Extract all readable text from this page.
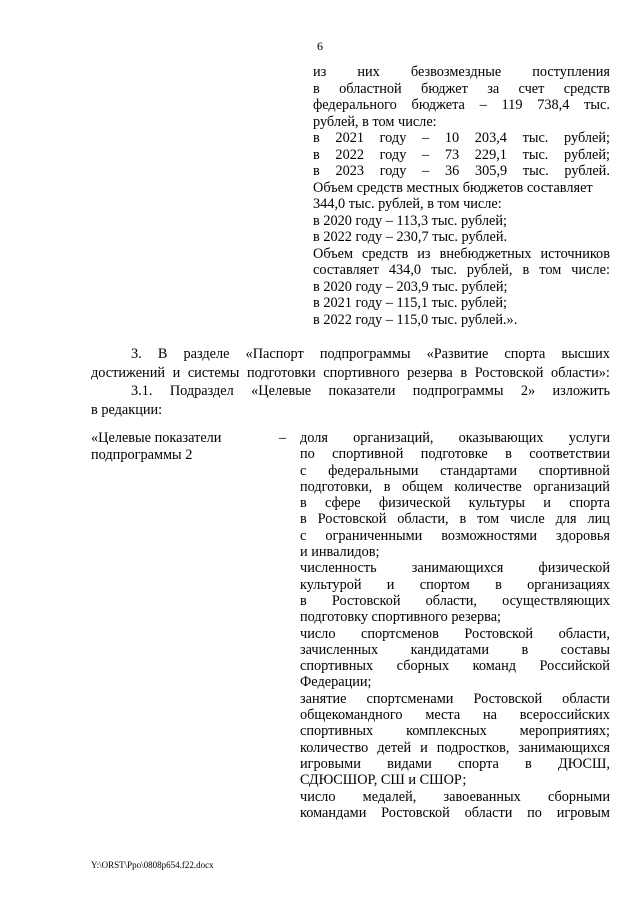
6
из них безвозмездные поступления
в областной бюджет за счет средств
федерального бюджета – 119 738,4 тыс.
рублей, в том числе:
в 2021 году – 10 203,4 тыс. рублей;
в 2022 году – 73 229,1 тыс. рублей;
в 2023 году – 36 305,9 тыс. рублей.
Объем средств местных бюджетов составляет
344,0 тыс. рублей, в том числе:
в 2020 году – 113,3 тыс. рублей;
в 2022 году – 230,7 тыс. рублей.
Объем средств из внебюджетных источников
составляет 434,0 тыс. рублей, в том числе:
в 2020 году – 203,9 тыс. рублей;
в 2021 году – 115,1 тыс. рублей;
в 2022 году – 115,0 тыс. рублей.».
3. В разделе «Паспорт подпрограммы «Развитие спорта высших
достижений и системы подготовки спортивного резерва в Ростовской области»:
3.1. Подраздел «Целевые показатели подпрограммы 2» изложить
в редакции:
«Целевые показатели
подпрограммы 2
– доля организаций, оказывающих услуги
по спортивной подготовке в соответствии
с федеральными стандартами спортивной
подготовки, в общем количестве организаций
в сфере физической культуры и спорта
в Ростовской области, в том числе для лиц
с ограниченными возможностями здоровья
и инвалидов;
численность занимающихся физической
культурой и спортом в организациях
в Ростовской области, осуществляющих
подготовку спортивного резерва;
число спортсменов Ростовской области,
зачисленных кандидатами в составы
спортивных сборных команд Российской
Федерации;
занятие спортсменами Ростовской области
общекомандного места на всероссийских
спортивных комплексных мероприятиях;
количество детей и подростков, занимающихся
игровыми видами спорта в ДЮСШ,
СДЮСШОР, СШ и СШОР;
число медалей, завоеванных сборными
командами Ростовской области по игровым
Y:\ORST\Ppo\0808p654.f22.docx
